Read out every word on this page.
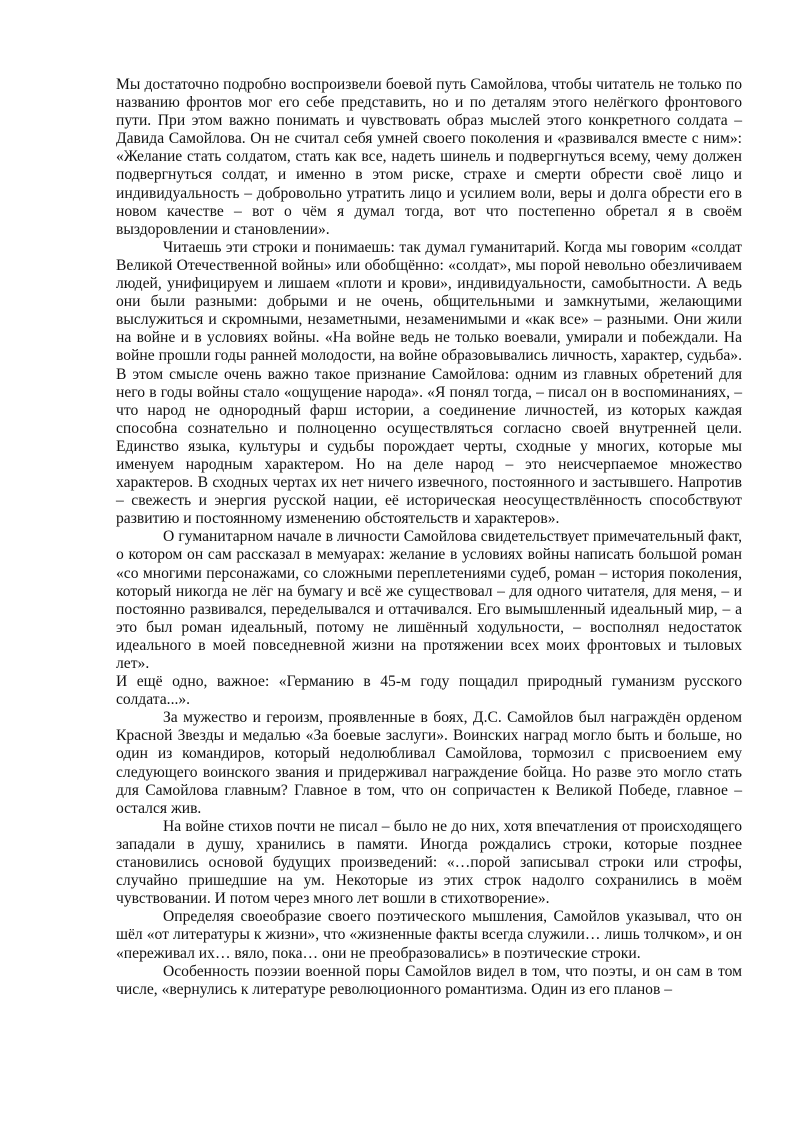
Мы достаточно подробно воспроизвели боевой путь Самойлова, чтобы читатель не только по названию фронтов мог его себе представить, но и по деталям этого нелёгкого фронтового пути. При этом важно понимать и чувствовать образ мыслей этого конкретного солдата – Давида Самойлова. Он не считал себя умней своего поколения и «развивался вместе с ним»: «Желание стать солдатом, стать как все, надеть шинель и подвергнуться всему, чему должен подвергнуться солдат, и именно в этом риске, страхе и смерти обрести своё лицо и индивидуальность – добровольно утратить лицо и усилием воли, веры и долга обрести его в новом качестве – вот о чём я думал тогда, вот что постепенно обретал я в своём выздоровлении и становлении».

Читаешь эти строки и понимаешь: так думал гуманитарий. Когда мы говорим «солдат Великой Отечественной войны» или обобщённо: «солдат», мы порой невольно обезличиваем людей, унифицируем и лишаем «плоти и крови», индивидуальности, самобытности. А ведь они были разными: добрыми и не очень, общительными и замкнутыми, желающими выслужиться и скромными, незаметными, незаменимыми и «как все» – разными. Они жили на войне и в условиях войны. «На войне ведь не только воевали, умирали и побеждали. На войне прошли годы ранней молодости, на войне образовывались личность, характер, судьба». В этом смысле очень важно такое признание Самойлова: одним из главных обретений для него в годы войны стало «ощущение народа». «Я понял тогда, – писал он в воспоминаниях, – что народ не однородный фарш истории, а соединение личностей, из которых каждая способна сознательно и полноценно осуществляться согласно своей внутренней цели. Единство языка, культуры и судьбы порождает черты, сходные у многих, которые мы именуем народным характером. Но на деле народ – это неисчерпаемое множество характеров. В сходных чертах их нет ничего извечного, постоянного и застывшего. Напротив – свежесть и энергия русской нации, её историческая неосуществлённость способствуют развитию и постоянному изменению обстоятельств и характеров».

О гуманитарном начале в личности Самойлова свидетельствует примечательный факт, о котором он сам рассказал в мемуарах: желание в условиях войны написать большой роман «со многими персонажами, со сложными переплетениями судеб, роман – история поколения, который никогда не лёг на бумагу и всё же существовал – для одного читателя, для меня, – и постоянно развивался, переделывался и оттачивался. Его вымышленный идеальный мир, – а это был роман идеальный, потому не лишённый ходульности, – восполнял недостаток идеального в моей повседневной жизни на протяжении всех моих фронтовых и тыловых лет».

И ещё одно, важное: «Германию в 45-м году пощадил природный гуманизм русского солдата...».

За мужество и героизм, проявленные в боях, Д.С. Самойлов был награждён орденом Красной Звезды и медалью «За боевые заслуги». Воинских наград могло быть и больше, но один из командиров, который недолюбливал Самойлова, тормозил с присвоением ему следующего воинского звания и придерживал награждение бойца. Но разве это могло стать для Самойлова главным? Главное в том, что он сопричастен к Великой Победе, главное – остался жив.

На войне стихов почти не писал – было не до них, хотя впечатления от происходящего западали в душу, хранились в памяти. Иногда рождались строки, которые позднее становились основой будущих произведений: «…порой записывал строки или строфы, случайно пришедшие на ум. Некоторые из этих строк надолго сохранились в моём чувствовании. И потом через много лет вошли в стихотворение».

Определяя своеобразие своего поэтического мышления, Самойлов указывал, что он шёл «от литературы к жизни», что «жизненные факты всегда служили… лишь толчком», и он «переживал их… вяло, пока… они не преобразовались» в поэтические строки.

Особенность поэзии военной поры Самойлов видел в том, что поэты, и он сам в том числе, «вернулись к литературе революционного романтизма. Один из его планов –
